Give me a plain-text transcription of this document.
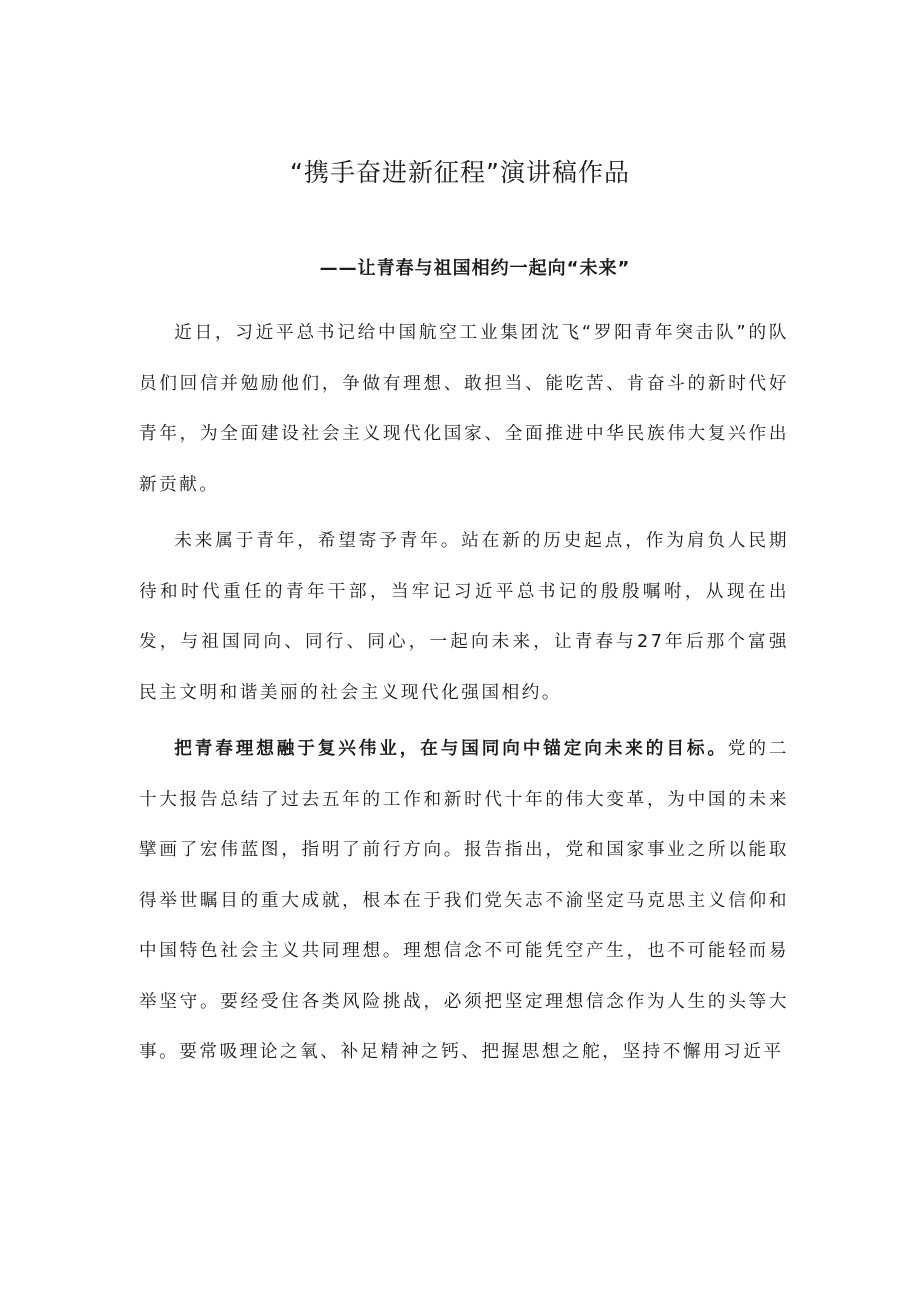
“携手奋进新征程”演讲稿作品
——让青春与祖国相约一起向“未来”

近日，习近平总书记给中国航空工业集团沈飞“罗阳青年突击队”的队员们回信并勉励他们，争做有理想、敢担当、能吃苦、肯奋斗的新时代好青年，为全面建设社会主义现代化国家、全面推进中华民族伟大复兴作出新贡献。

未来属于青年，希望寄予青年。站在新的历史起点，作为肩负人民期待和时代重任的青年干部，当牢记习近平总书记的殷殷嘱咐，从现在出发，与祖国同向、同行、同心，一起向未来，让青春与27年后那个富强民主文明和谐美丽的社会主义现代化强国相约。

把青春理想融于复兴伟业，在与国同向中锚定向未来的目标。党的二十大报告总结了过去五年的工作和新时代十年的伟大变革，为中国的未来擘画了宏伟蓝图，指明了前行方向。报告指出，党和国家事业之所以能取得举世瞩目的重大成就，根本在于我们党矢志不渝坚定马克思主义信仰和中国特色社会主义共同理想。理想信念不可能凭空产生，也不可能轻而易举坚守。要经受住各类风险挑战，必须把坚定理想信念作为人生的头等大事。要常吸理论之氧、补足精神之钙、把握思想之舵，坚持不懈用习近平
